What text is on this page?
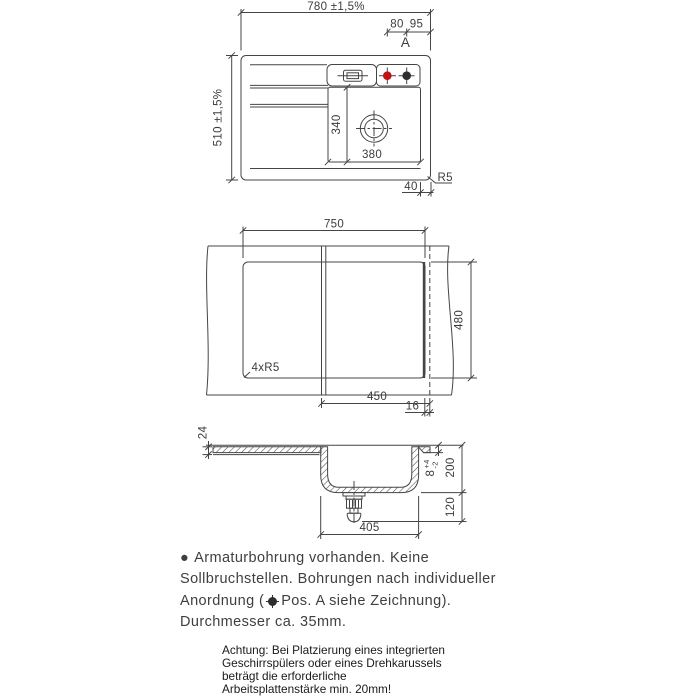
780 ±1,5%
80 95
A
510 ±1,5%	340
380
40
R5
750
480
4xR5
450
16
24
8
+4 -2 200
120
405
● Armaturbohrung vorhanden. Keine
Sollbruchstellen. Bohrungen nach individueller
Anordnung ( Pos. A siehe Zeichnung).
Durchmesser ca. 35mm.
Achtung: Bei Platzierung eines integrierten
Geschirrspülers oder eines Drehkarussels
beträgt die erforderliche
Arbeitsplattenstärke min. 20mm!
